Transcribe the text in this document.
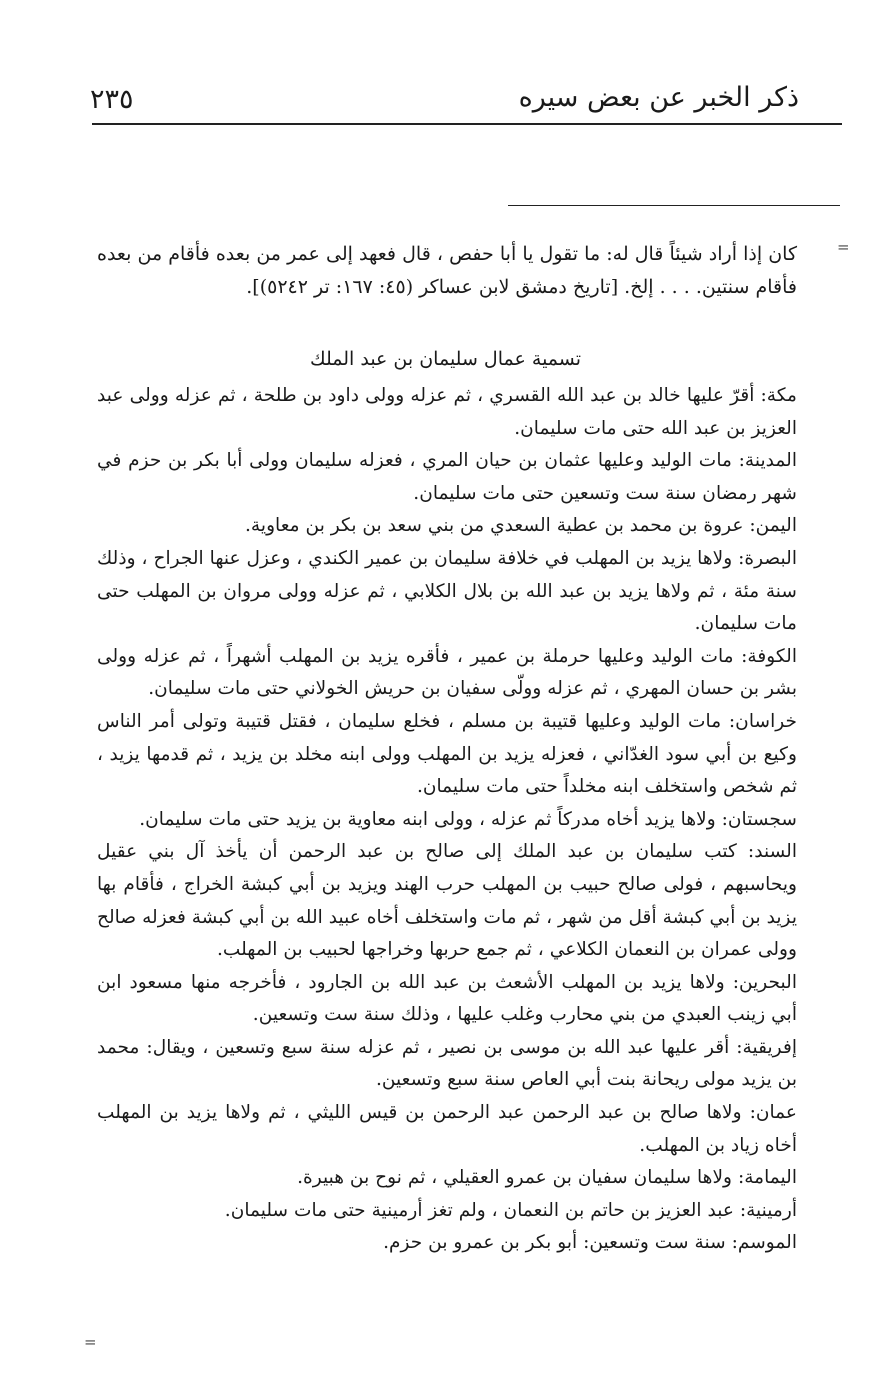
ذكر الخبر عن بعض سيره
٢٣٥
=

كان إذا أراد شيئاً قال له: ما تقول يا أبا حفص ، قال فعهد إلى عمر من بعده فأقام من بعده فأقام سنتين. . . . إلخ. [تاريخ دمشق لابن عساكر (٤٥: ١٦٧: تر ٥٢٤٢)].

تسمية عمال سليمان بن عبد الملك

مكة: أقرّ عليها خالد بن عبد الله القسري ، ثم عزله وولى داود بن طلحة ، ثم عزله وولى عبد العزيز بن عبد الله حتى مات سليمان.

المدينة: مات الوليد وعليها عثمان بن حيان المري ، فعزله سليمان وولى أبا بكر بن حزم في شهر رمضان سنة ست وتسعين حتى مات سليمان.

اليمن: عروة بن محمد بن عطية السعدي من بني سعد بن بكر بن معاوية.

البصرة: ولاها يزيد بن المهلب في خلافة سليمان بن عمير الكندي ، وعزل عنها الجراح ، وذلك سنة مئة ، ثم ولاها يزيد بن عبد الله بن بلال الكلابي ، ثم عزله وولى مروان بن المهلب حتى مات سليمان.

الكوفة: مات الوليد وعليها حرملة بن عمير ، فأقره يزيد بن المهلب أشهراً ، ثم عزله وولى بشر بن حسان المهري ، ثم عزله وولّى سفيان بن حريش الخولاني حتى مات سليمان.

خراسان: مات الوليد وعليها قتيبة بن مسلم ، فخلع سليمان ، فقتل قتيبة وتولى أمر الناس وكيع بن أبي سود الغدّاني ، فعزله يزيد بن المهلب وولى ابنه مخلد بن يزيد ، ثم قدمها يزيد ، ثم شخص واستخلف ابنه مخلداً حتى مات سليمان.

سجستان: ولاها يزيد أخاه مدركاً ثم عزله ، وولى ابنه معاوية بن يزيد حتى مات سليمان.

السند: كتب سليمان بن عبد الملك إلى صالح بن عبد الرحمن أن يأخذ آل بني عقيل ويحاسبهم ، فولى صالح حبيب بن المهلب حرب الهند ويزيد بن أبي كبشة الخراج ، فأقام بها يزيد بن أبي كبشة أقل من شهر ، ثم مات واستخلف أخاه عبيد الله بن أبي كبشة فعزله صالح وولى عمران بن النعمان الكلاعي ، ثم جمع حربها وخراجها لحبيب بن المهلب.

البحرين: ولاها يزيد بن المهلب الأشعث بن عبد الله بن الجارود ، فأخرجه منها مسعود ابن أبي زينب العبدي من بني محارب وغلب عليها ، وذلك سنة ست وتسعين.

إفريقية: أقر عليها عبد الله بن موسى بن نصير ، ثم عزله سنة سبع وتسعين ، ويقال: محمد بن يزيد مولى ريحانة بنت أبي العاص سنة سبع وتسعين.

عمان: ولاها صالح بن عبد الرحمن عبد الرحمن بن قيس الليثي ، ثم ولاها يزيد بن المهلب أخاه زياد بن المهلب.

اليمامة: ولاها سليمان سفيان بن عمرو العقيلي ، ثم نوح بن هبيرة.

أرمينية: عبد العزيز بن حاتم بن النعمان ، ولم تغز أرمينية حتى مات سليمان.

الموسم: سنة ست وتسعين: أبو بكر بن عمرو بن حزم.

=
